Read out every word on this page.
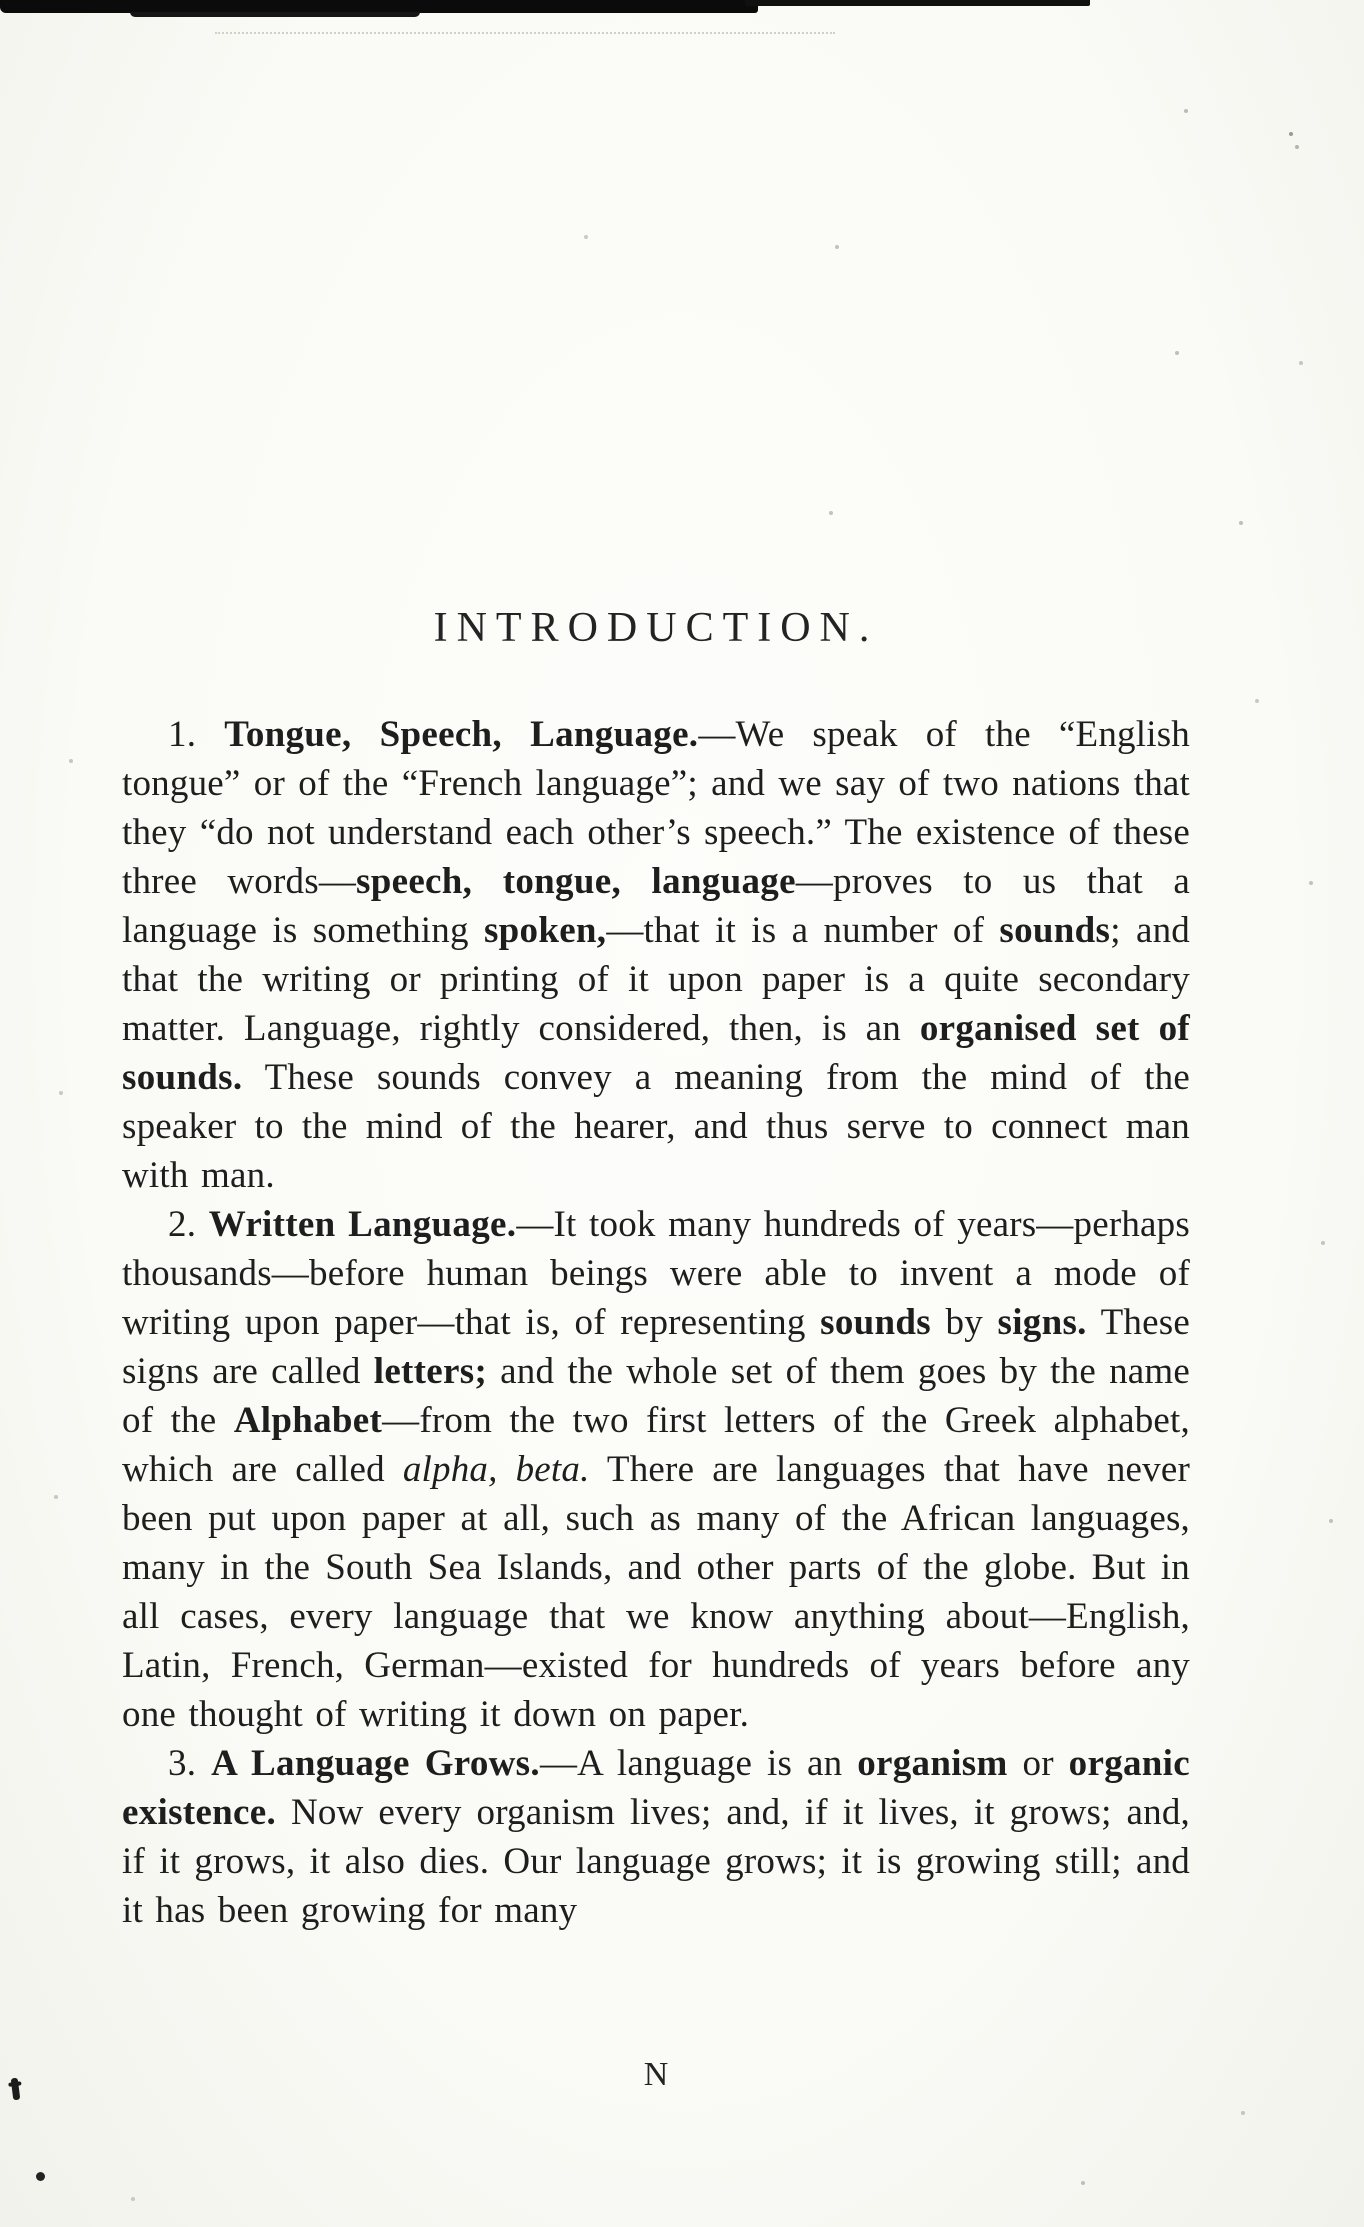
INTRODUCTION.

1. Tongue, Speech, Language.—We speak of the “English tongue” or of the “French language”; and we say of two nations that they “do not understand each other’s speech.” The existence of these three words—speech, tongue, language—proves to us that a language is something spoken,—that it is a number of sounds; and that the writing or printing of it upon paper is a quite secondary matter. Language, rightly considered, then, is an organised set of sounds. These sounds convey a meaning from the mind of the speaker to the mind of the hearer, and thus serve to connect man with man.

2. Written Language.—It took many hundreds of years—perhaps thousands—before human beings were able to invent a mode of writing upon paper—that is, of representing sounds by signs. These signs are called letters; and the whole set of them goes by the name of the Alphabet—from the two first letters of the Greek alphabet, which are called alpha, beta. There are languages that have never been put upon paper at all, such as many of the African languages, many in the South Sea Islands, and other parts of the globe. But in all cases, every language that we know anything about—English, Latin, French, German—existed for hundreds of years before any one thought of writing it down on paper.

3. A Language Grows.—A language is an organism or organic existence. Now every organism lives; and, if it lives, it grows; and, if it grows, it also dies. Our language grows; it is growing still; and it has been growing for many

N
